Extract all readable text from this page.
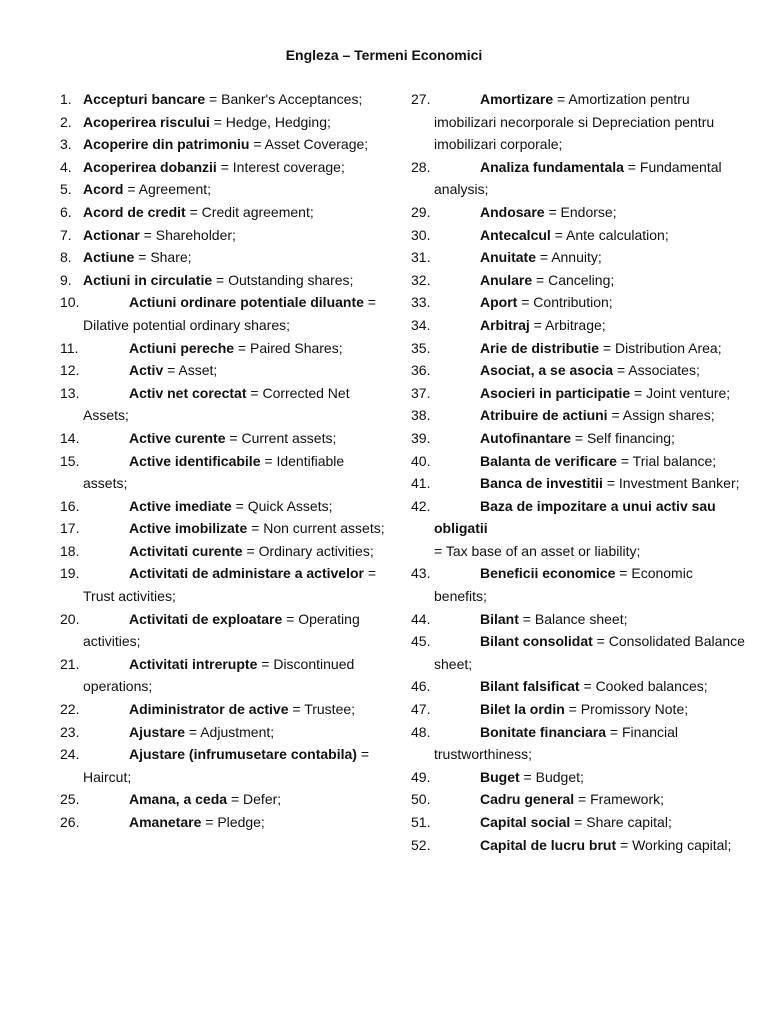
Engleza – Termeni Economici

1. Accepturi bancare = Banker's Acceptances;

2. Acoperirea riscului = Hedge, Hedging;

3. Acoperire din patrimoniu = Asset Coverage;

4. Acoperirea dobanzii = Interest coverage;

5. Acord = Agreement;

6. Acord de credit = Credit agreement;

7. Actionar = Shareholder;

8. Actiune = Share;

9. Actiuni in circulatie = Outstanding shares;

10.	Actiuni ordinare potentiale diluante = Dilative potential ordinary shares;

11.	Actiuni pereche = Paired Shares;

12.	Activ = Asset;

13.	Activ net corectat = Corrected Net Assets;

14.	Active curente = Current assets;

15.	Active identificabile = Identifiable assets;

16.	Active imediate = Quick Assets;

17.	Active imobilizate = Non current assets;

18.	Activitati curente = Ordinary activities;

19.	Activitati de administare a activelor = Trust activities;

20.	Activitati de exploatare = Operating activities;

21.	Activitati intrerupte = Discontinued operations;

22.	Adiministrator de active = Trustee;

23.	Ajustare = Adjustment;

24.	Ajustare (infrumusetare contabila) = Haircut;

25.	Amana, a ceda = Defer;

26.	Amanetare = Pledge;

27.	Amortizare = Amortization pentru imobilizari necorporale si Depreciation pentru imobilizari corporale;

28.	Analiza fundamentala = Fundamental analysis;

29.	Andosare = Endorse;

30.	Antecalcul = Ante calculation;

31.	Anuitate = Annuity;

32.	Anulare = Canceling;

33.	Aport = Contribution;

34.	Arbitraj = Arbitrage;

35.	Arie de distributie = Distribution Area;

36.	Asociat, a se asocia = Associates;

37.	Asocieri in participatie = Joint venture;

38.	Atribuire de actiuni = Assign shares;

39.	Autofinantare = Self financing;

40.	Balanta de verificare = Trial balance;

41.	Banca de investitii = Investment Banker;

42.	Baza de impozitare a unui activ sau obligatii = Tax base of an asset or liability;

43.	Beneficii economice = Economic benefits;

44.	Bilant = Balance sheet;

45.	Bilant consolidat = Consolidated Balance sheet;

46.	Bilant falsificat = Cooked balances;

47.	Bilet la ordin = Promissory Note;

48.	Bonitate financiara = Financial trustworthiness;

49.	Buget = Budget;

50.	Cadru general = Framework;

51.	Capital social = Share capital;

52.	Capital de lucru brut = Working capital;
